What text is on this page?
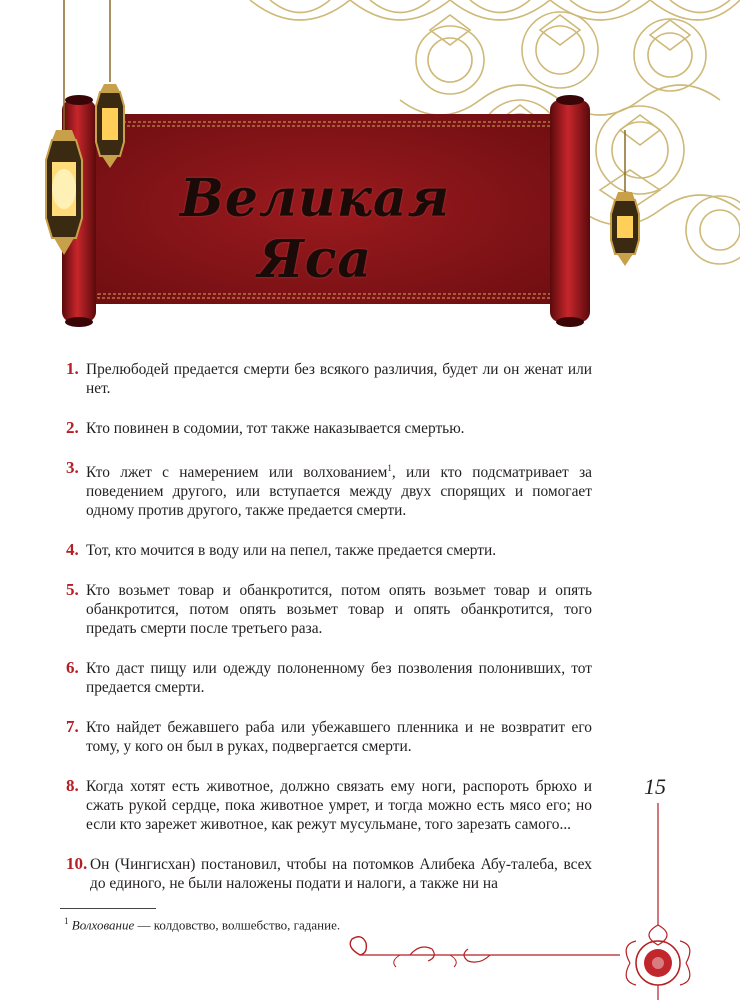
Великая Яса

1. Прелюбодей предается смерти без всякого различия, будет ли он женат или нет.

2. Кто повинен в содомии, тот также наказывается смертью.

3. Кто лжет с намерением или волхованием$^1$, или кто подсматривает за поведением другого, или вступается между двух спорящих и помогает одному против другого, также предается смерти.

4. Тот, кто мочится в воду или на пепел, также предается смерти.

5. Кто возьмет товар и обанкротится, потом опять возьмет товар и опять обанкротится, потом опять возьмет товар и опять обанкротится, того предать смерти после третьего раза.

6. Кто даст пищу или одежду полоненному без позволения полонивших, тот предается смерти.

7. Кто найдет бежавшего раба или убежавшего пленника и не возвратит его тому, у кого он был в руках, подвергается смерти.

8. Когда хотят есть животное, должно связать ему ноги, распороть брюхо и сжать рукой сердце, пока животное умрет, и тогда можно есть мясо его; но если кто зарежет животное, как режут мусульмане, того зарезать самого...

10. Он (Чингисхан) постановил, чтобы на потомков Алибека Абу-талеба, всех до единого, не были наложены подати и налоги, а также ни на

15
$^1$ Волхование — колдовство, волшебство, гадание.
